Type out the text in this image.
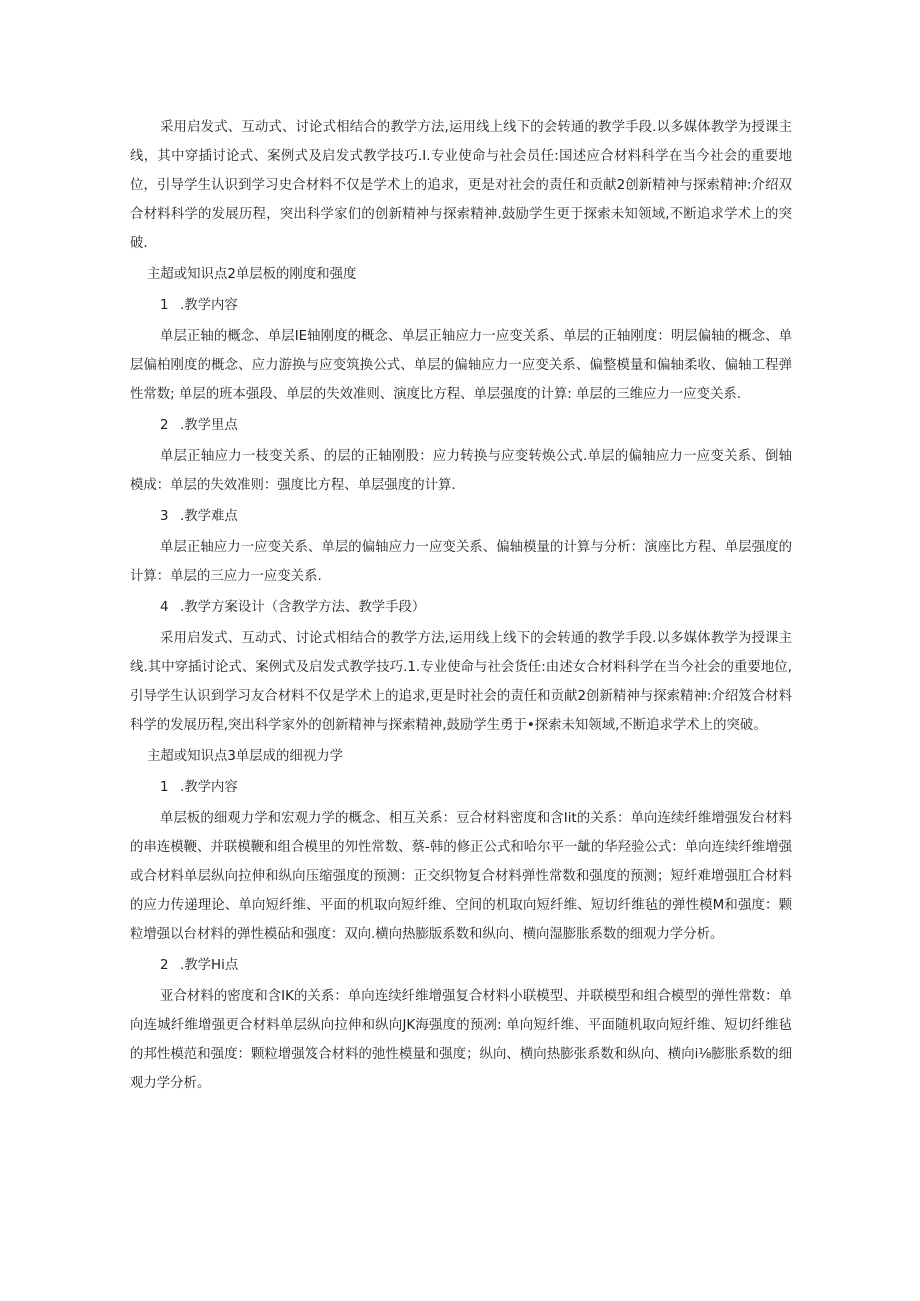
采用启发式、互动式、讨论式相结合的教学方法,运用线上线下的会转通的教学手段.以多媒体教学为授课主线，其中穿插讨论式、案例式及启发式教学技巧.I.专业使命与社会员任:国述应合材料科学在当今社会的重要地位，引导学生认识到学习史合材料不仅是学术上的追求，更是对社会的责任和贡献2创新精神与探索精神:介绍双合材料科学的发展历程，突出科学家们的创新精神与探索精神.鼓励学生更于探索未知领域,不断追求学术上的突破.

主超或知识点2单层板的刚度和强度

1 .教学内容

单层正轴的概念、单层IE轴刚度的概念、单层正轴应力一应变关系、单层的正轴刚度：明层偏轴的概念、单层偏柏刚度的概念、应力游换与应变筑换公式、单层的偏轴应力一应变关系、偏整模量和偏轴柔收、偏轴工程弹性常数; 单层的班本强段、单层的失效准则、演度比方程、单层强度的计算: 单层的三维应力一应变关系.

2 .教学里点

单层正轴应力一枝变关系、的层的正轴刚股：应力转换与应变转焕公式.单层的偏轴应力一应变关系、倒轴模成：单层的失效准则：强度比方程、单层强度的计算.

3 .教学难点

单层正轴应力一应变关系、单层的偏轴应力一应变关系、偏轴模量的计算与分析：演座比方程、单层强度的计算：单层的三应力一应变关系.

4 .教学方案设计（含教学方法、教学手段）

采用启发式、互动式、讨论式相结合的教学方法,运用线上线下的会转通的教学手段.以多媒体教学为授课主线.其中穿插讨论式、案例式及启发式教学技巧.1.专业使命与社会货任:由述女合材料科学在当今社会的重要地位,引导学生认识到学习友合材料不仅是学术上的追求,更是时社会的责任和贡献2创新精神与探索精神:介绍笈合材料科学的发展历程,突出科学家外的创新精神与探索精神,鼓励学生勇于•探索未知领域,不断追求学术上的突破。

主超或知识点3单层成的细视力学

1 .教学内容

单层板的细观力学和宏观力学的概念、相互关系：豆合材料密度和含Iit的关系：单向连续纤维增强发台材料的串连模鞭、并联模鞭和组合模里的夘性常数、蔡-韩的修正公式和哈尔平一龇的华羟验公式：单向连续纤维增强或合材料单层纵向拉伸和纵向压缩强度的预测：正交织物复合材料弹性常数和强度的预测；短纤难增强肛合材料的应力传递理论、单向短纤维、平面的机取向短纤维、空间的机取向短纤维、短切纤维毡的弹性模M和强度：颗粒增强以台材料的弹性模砧和强度：双向.横向热膨版系数和纵向、横向湿膨胀系数的细观力学分析。

2 .教学Hi点

亚合材料的密度和含IK的关系：单向连续纤维增强复合材料小联模型、并联模型和组合模型的弹性常数：单向连城纤维增强更合材料单层纵向拉伸和纵向JK海强度的预冽: 单向短纤维、平面随机取向短纤维、短切纤维毡的邦性模范和强度：颗粒增强笈合材料的弛性模量和强度；纵向、横向热膨张系数和纵向、横向i⅛膨胀系数的细观力学分析。
